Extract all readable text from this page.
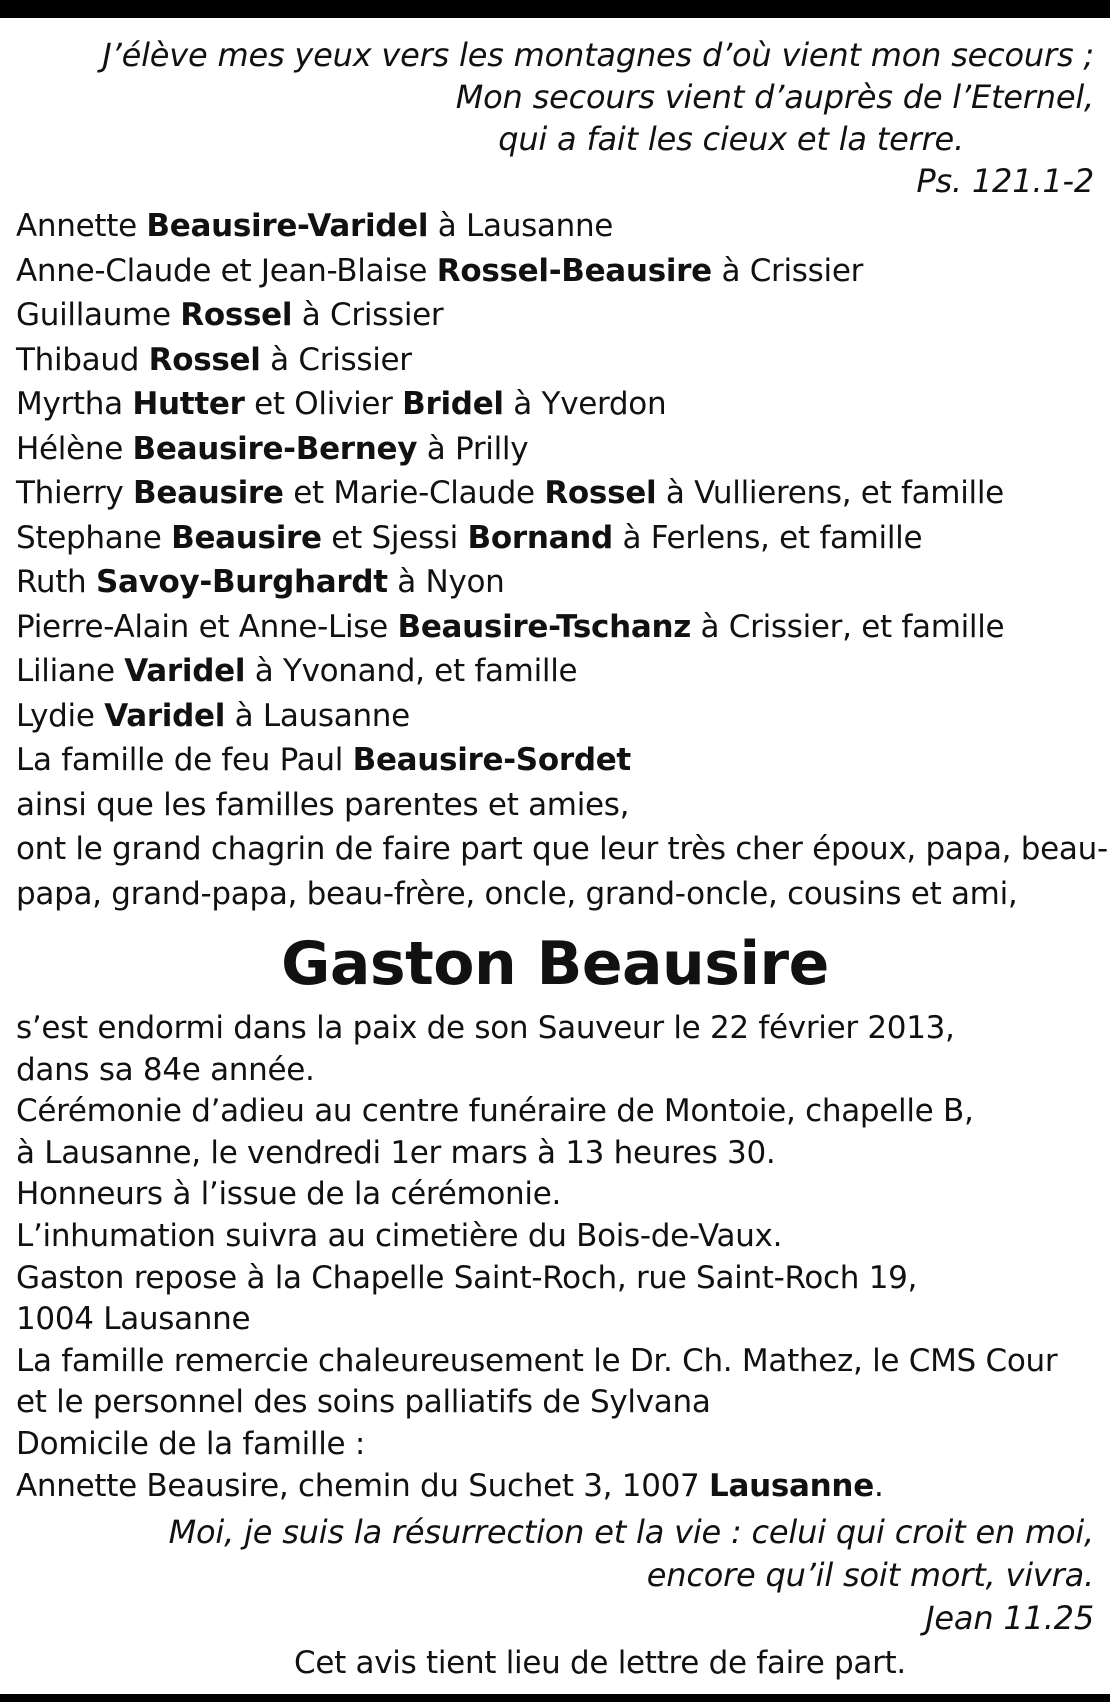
J’élève mes yeux vers les montagnes d’où vient mon secours ;
Mon secours vient d’auprès de l’Eternel,
qui a fait les cieux et la terre.
Ps. 121.1-2
Annette Beausire-Varidel à Lausanne
Anne-Claude et Jean-Blaise Rossel-Beausire à Crissier
Guillaume Rossel à Crissier
Thibaud Rossel à Crissier
Myrtha Hutter et Olivier Bridel à Yverdon
Hélène Beausire-Berney à Prilly
Thierry Beausire et Marie-Claude Rossel à Vullierens, et famille
Stephane Beausire et Sjessi Bornand à Ferlens, et famille
Ruth Savoy-Burghardt à Nyon
Pierre-Alain et Anne-Lise Beausire-Tschanz à Crissier, et famille
Liliane Varidel à Yvonand, et famille
Lydie Varidel à Lausanne
La famille de feu Paul Beausire-Sordet
ainsi que les familles parentes et amies,
ont le grand chagrin de faire part que leur très cher époux, papa, beau-
papa, grand-papa, beau-frère, oncle, grand-oncle, cousins et ami,
Gaston Beausire
s’est endormi dans la paix de son Sauveur le 22 février 2013,
dans sa 84e année.
Cérémonie d’adieu au centre funéraire de Montoie, chapelle B,
à Lausanne, le vendredi 1er mars à 13 heures 30.
Honneurs à l’issue de la cérémonie.
L’inhumation suivra au cimetière du Bois-de-Vaux.
Gaston repose à la Chapelle Saint-Roch, rue Saint-Roch 19,
1004 Lausanne
La famille remercie chaleureusement le Dr. Ch. Mathez, le CMS Cour
et le personnel des soins palliatifs de Sylvana
Domicile de la famille :
Annette Beausire, chemin du Suchet 3, 1007 Lausanne.
Moi, je suis la résurrection et la vie : celui qui croit en moi,
encore qu’il soit mort, vivra.
Jean 11.25
Cet avis tient lieu de lettre de faire part.
